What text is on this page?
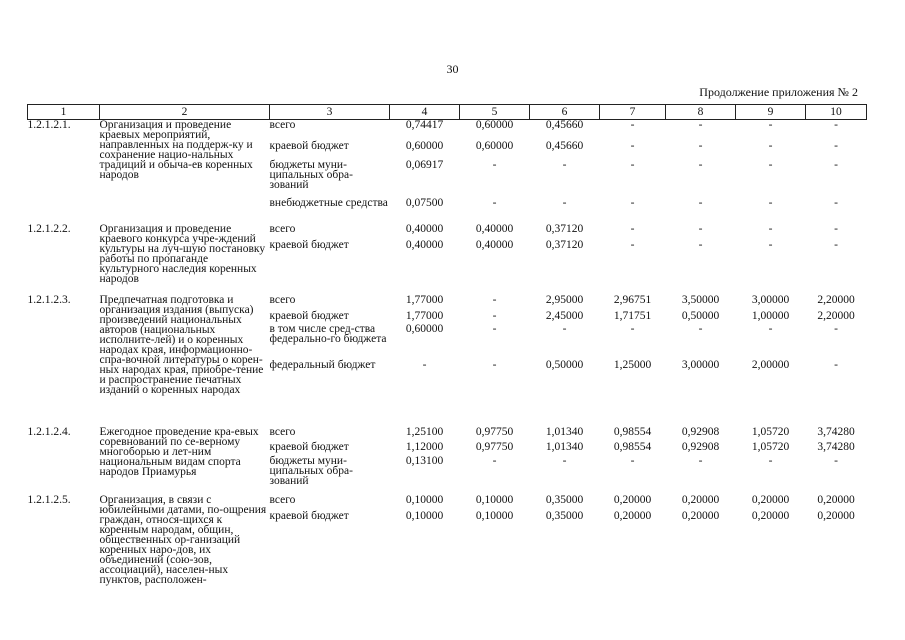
30
Продолжение приложения № 2
1	2	3	4	5	6	7	8	9	10
1.2.1.2.1.	Организация и проведение краевых мероприятий, направленных на поддерж-ку и сохранение нацио-нальных традиций и обыча-ев коренных народов	
всего	0,74417	0,60000	0,45660	-	-	-	-
краевой бюджет	0,60000	0,60000	0,45660	-	-	-	-
бюджеты муни-ципальных обра-зований	0,06917	-	-	-	-	-	-
внебюджетные средства	0,07500	-	-	-	-	-	-

1.2.1.2.2.	Организация и проведение краевого конкурса учре-ждений культуры на луч-шую постановку работы по пропаганде культурного наследия коренных народов	
всего	0,40000	0,40000	0,37120	-	-	-	-
краевой бюджет	0,40000	0,40000	0,37120	-	-	-	-

1.2.1.2.3.	Предпечатная подготовка и организация издания (выпуска) произведений национальных авторов (национальных исполните-лей) и о коренных народах края, информационно-спра-вочной литературы о корен-ных народах края, приобре-тение и распространение печатных изданий о коренных народах	
всего	1,77000	-	2,95000	2,96751	3,50000	3,00000	2,20000
краевой бюджет	1,77000	-	2,45000	1,71751	0,50000	1,00000	2,20000
в том числе сред-ства федерально-го бюджета	0,60000	-	-	-	-	-	-
федеральный бюджет	-	-	0,50000	1,25000	3,00000	2,00000	-

1.2.1.2.4.	Ежегодное проведение кра-евых соревнований по се-верному многоборью и лет-ним национальным видам спорта народов Приамурья	
всего	1,25100	0,97750	1,01340	0,98554	0,92908	1,05720	3,74280
краевой бюджет	1,12000	0,97750	1,01340	0,98554	0,92908	1,05720	3,74280
бюджеты муни-ципальных обра-зований	0,13100	-	-	-	-	-	-

1.2.1.2.5.	Организация, в связи с юбилейными датами, по-ощрения граждан, относя-щихся к коренным народам, общин, общественных ор-ганизаций коренных наро-дов, их объединений (сою-зов, ассоциаций), населен-ных пунктов, расположен-	
всего	0,10000	0,10000	0,35000	0,20000	0,20000	0,20000	0,20000
краевой бюджет	0,10000	0,10000	0,35000	0,20000	0,20000	0,20000	0,20000
